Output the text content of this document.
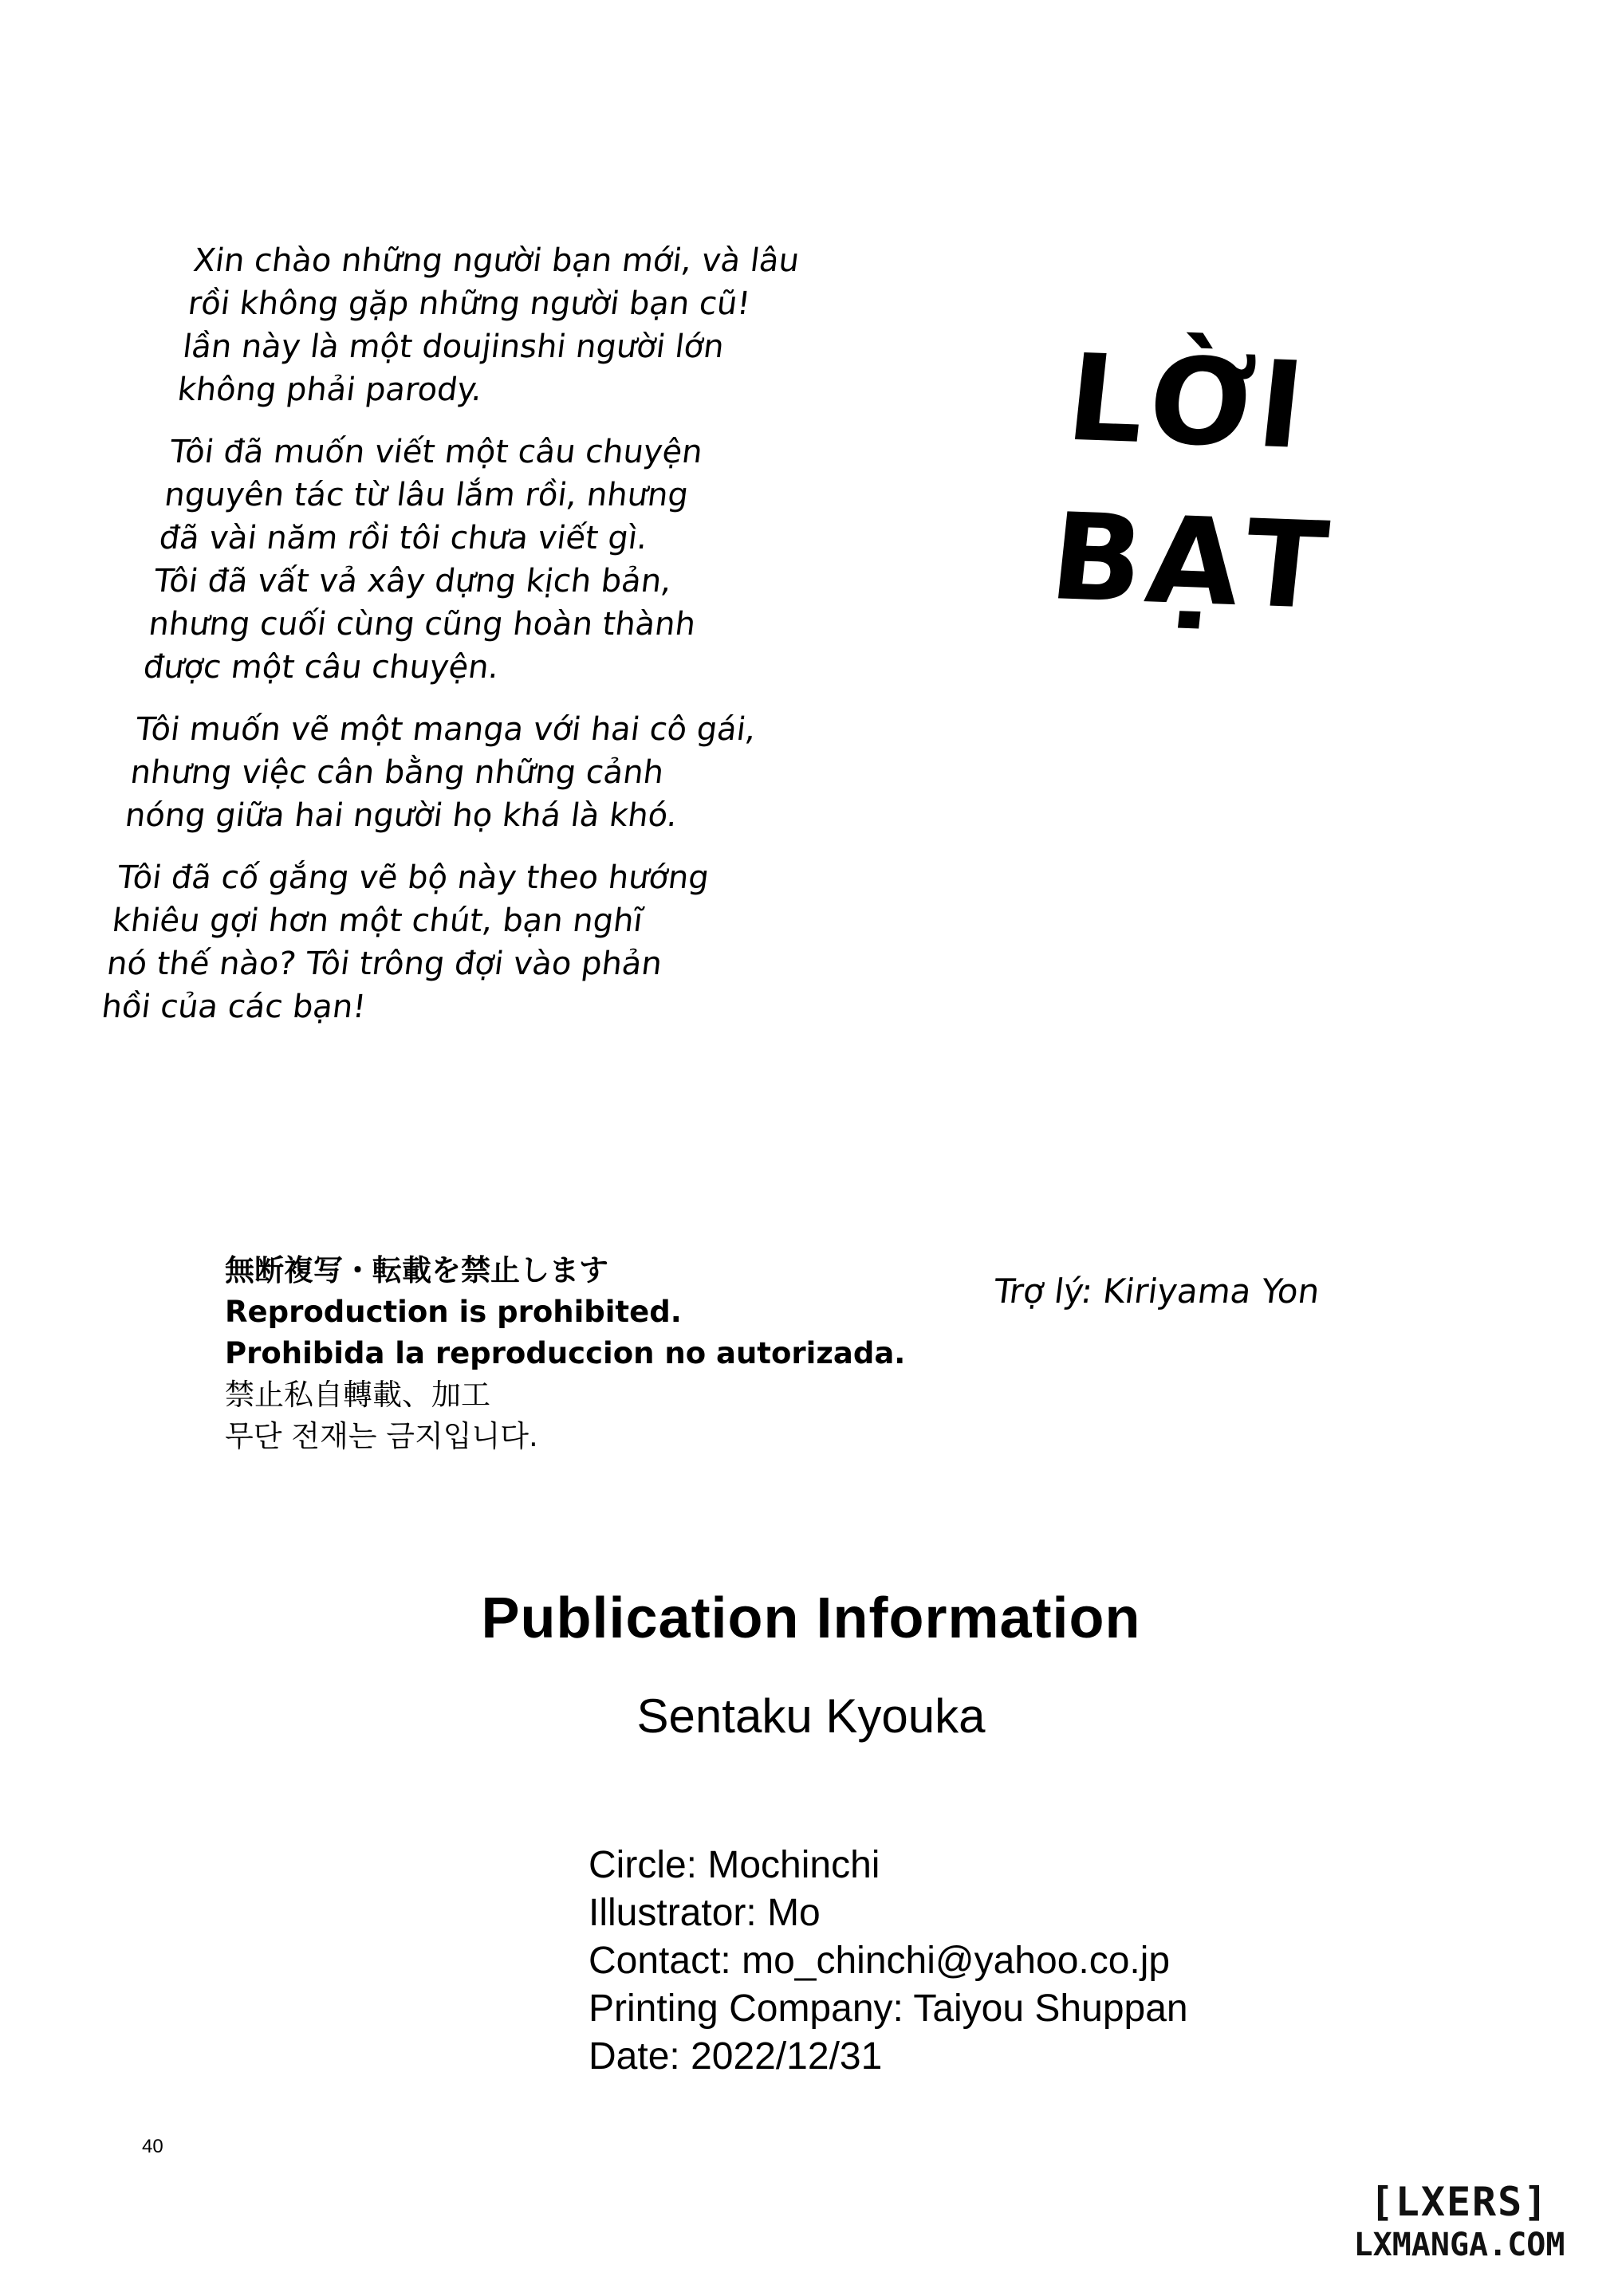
Xin chào những người bạn mới, và lâu
rồi không gặp những người bạn cũ!
lần này là một doujinshi người lớn
không phải parody.

Tôi đã muốn viết một câu chuyện
nguyên tác từ lâu lắm rồi, nhưng
đã vài năm rồi tôi chưa viết gì.
Tôi đã vất vả xây dựng kịch bản,
nhưng cuối cùng cũng hoàn thành
được một câu chuyện.

Tôi muốn vẽ một manga với hai cô gái,
nhưng việc cân bằng những cảnh
nóng giữa hai người họ khá là khó.

Tôi đã cố gắng vẽ bộ này theo hướng
khiêu gợi hơn một chút, bạn nghĩ
nó thế nào? Tôi trông đợi vào phản
hồi của các bạn!

LỜI
BẠT
無断複写・転載を禁止します
Reproduction is prohibited.
Prohibida la reproduccion no autorizada.
禁止私自轉載、加工
무단 전재는 금지입니다.
Trợ lý: Kiriyama Yon
Publication Information
Sentaku Kyouka
Circle: Mochinchi
Illustrator: Mo
Contact: mo_chinchi@yahoo.co.jp
Printing Company: Taiyou Shuppan
Date: 2022/12/31
40
[LXERS]
LXMANGA.COM
